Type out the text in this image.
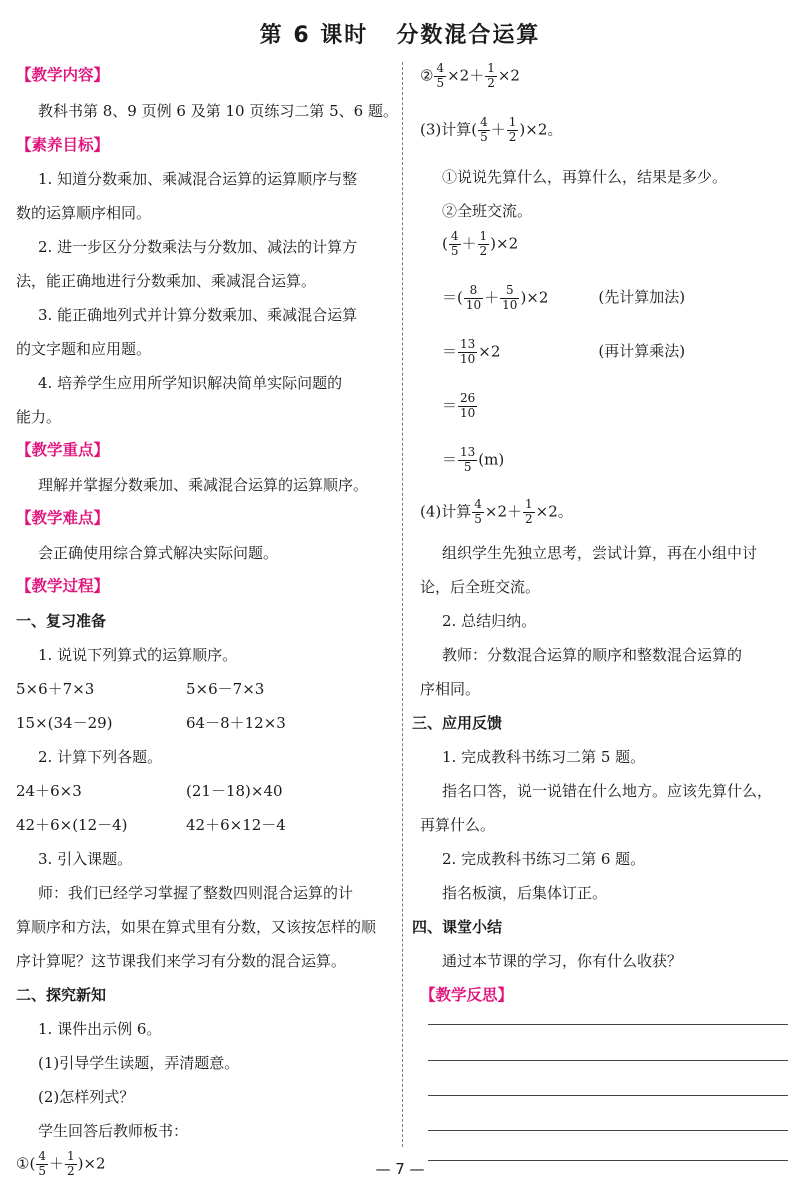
第 6 课时 分数混合运算
【教学内容】
教科书第 8、9 页例 6 及第 10 页练习二第 5、6 题。
【素养目标】
1. 知道分数乘加、乘减混合运算的运算顺序与整
数的运算顺序相同。
2. 进一步区分分数乘法与分数加、减法的计算方
法，能正确地进行分数乘加、乘减混合运算。
3. 能正确地列式并计算分数乘加、乘减混合运算
的文字题和应用题。
4. 培养学生应用所学知识解决简单实际问题的
能力。
【教学重点】
理解并掌握分数乘加、乘减混合运算的运算顺序。
【教学难点】
会正确使用综合算式解决实际问题。
【教学过程】
一、复习准备
1. 说说下列算式的运算顺序。
5×6＋7×3	5×6－7×3
15×(34－29)	64－8＋12×3
2. 计算下列各题。
24＋6×3	(21－18)×40
42＋6×(12－4)	42＋6×12－4
3. 引入课题。
师：我们已经学习掌握了整数四则混合运算的计
算顺序和方法，如果在算式里有分数，又该按怎样的顺
序计算呢？这节课我们来学习有分数的混合运算。
二、探究新知
1. 课件出示例 6。
(1)引导学生读题，弄清题意。
(2)怎样列式？
学生回答后教师板书：
①( $\frac{4}{5} + \frac{1}{2} )\times 2$
② $\frac{4}{5} \times 2+ \frac{1}{2} \times 2$
(3)计算( $\frac{4}{5} + \frac{1}{2} )\times 2$。
①说说先算什么，再算什么，结果是多少。
②全班交流。
( $\frac{4}{5} + \frac{1}{2} )\times 2$
＝( $\frac{8}{10} + \frac{5}{10} )\times 2$	(先计算加法)
＝ $\frac{13}{10} \times 2$	(再计算乘法)
＝ $\frac{26}{10}$
＝ $\frac{13}{5} (m)$
(4)计算 $\frac{4}{5} \times 2+ \frac{1}{2} \times 2$。
组织学生先独立思考，尝试计算，再在小组中讨
论，后全班交流。
2. 总结归纳。
教师：分数混合运算的顺序和整数混合运算的
序相同。
三、应用反馈
1. 完成教科书练习二第 5 题。
指名口答，说一说错在什么地方。应该先算什么，
再算什么。
2. 完成教科书练习二第 6 题。
指名板演，后集体订正。
四、课堂小结
通过本节课的学习，你有什么收获？
【教学反思】
— 7 —
